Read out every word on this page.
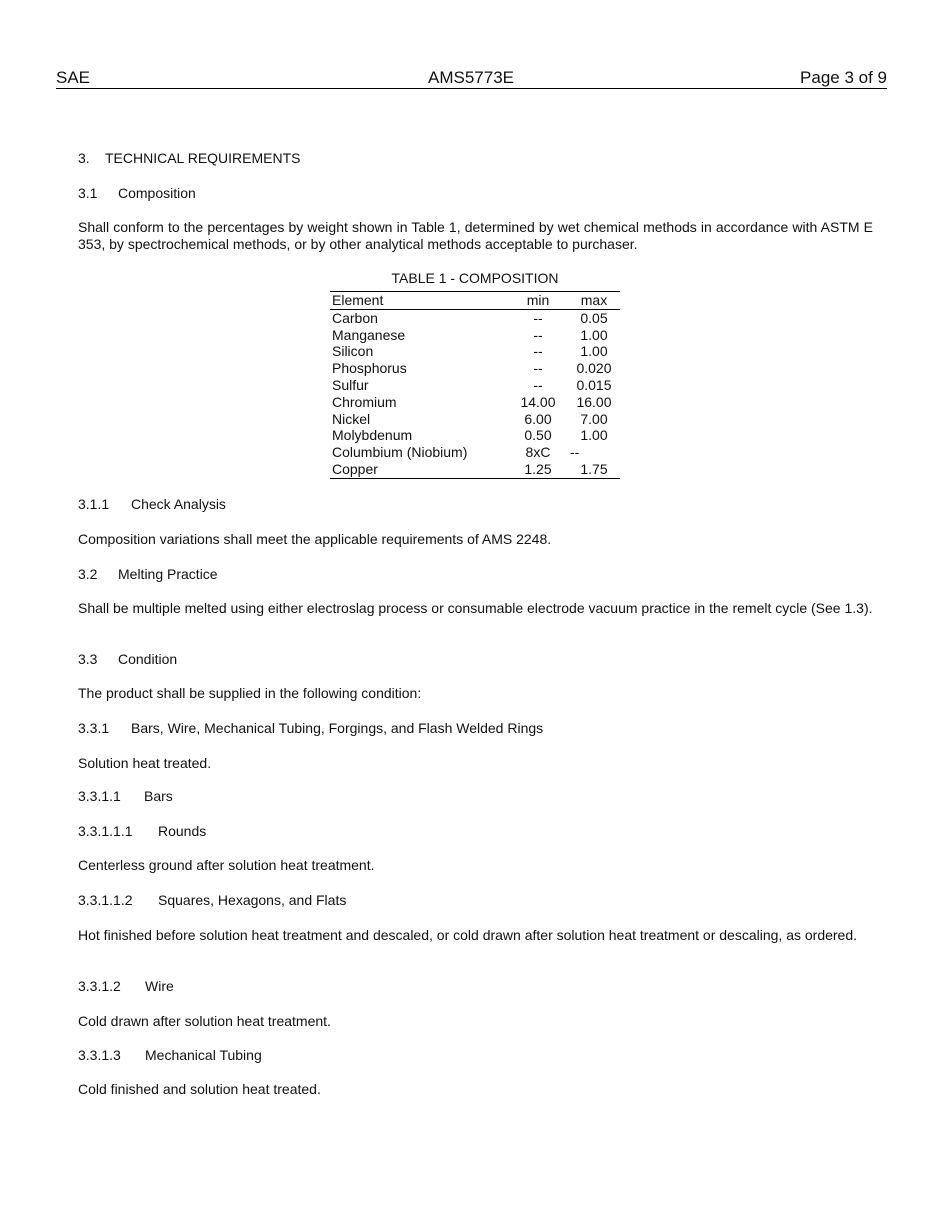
SAE	AMS5773E	Page 3 of 9
3. TECHNICAL REQUIREMENTS
3.1 Composition
Shall conform to the percentages by weight shown in Table 1, determined by wet chemical methods in accordance with ASTM E 353, by spectrochemical methods, or by other analytical methods acceptable to purchaser.
TABLE 1 - COMPOSITION
Element	min	max
Carbon	--	0.05
Manganese	--	1.00
Silicon	--	1.00
Phosphorus	--	0.020
Sulfur	--	0.015
Chromium	14.00	16.00
Nickel	6.00	7.00
Molybdenum	0.50	1.00
Columbium (Niobium)	8xC	--
Copper	1.25	1.75
3.1.1 Check Analysis
Composition variations shall meet the applicable requirements of AMS 2248.
3.2 Melting Practice
Shall be multiple melted using either electroslag process or consumable electrode vacuum practice in the remelt cycle (See 1.3).
3.3 Condition
The product shall be supplied in the following condition:
3.3.1 Bars, Wire, Mechanical Tubing, Forgings, and Flash Welded Rings
Solution heat treated.
3.3.1.1 Bars
3.3.1.1.1 Rounds
Centerless ground after solution heat treatment.
3.3.1.1.2 Squares, Hexagons, and Flats
Hot finished before solution heat treatment and descaled, or cold drawn after solution heat treatment or descaling, as ordered.
3.3.1.2 Wire
Cold drawn after solution heat treatment.
3.3.1.3 Mechanical Tubing
Cold finished and solution heat treated.
